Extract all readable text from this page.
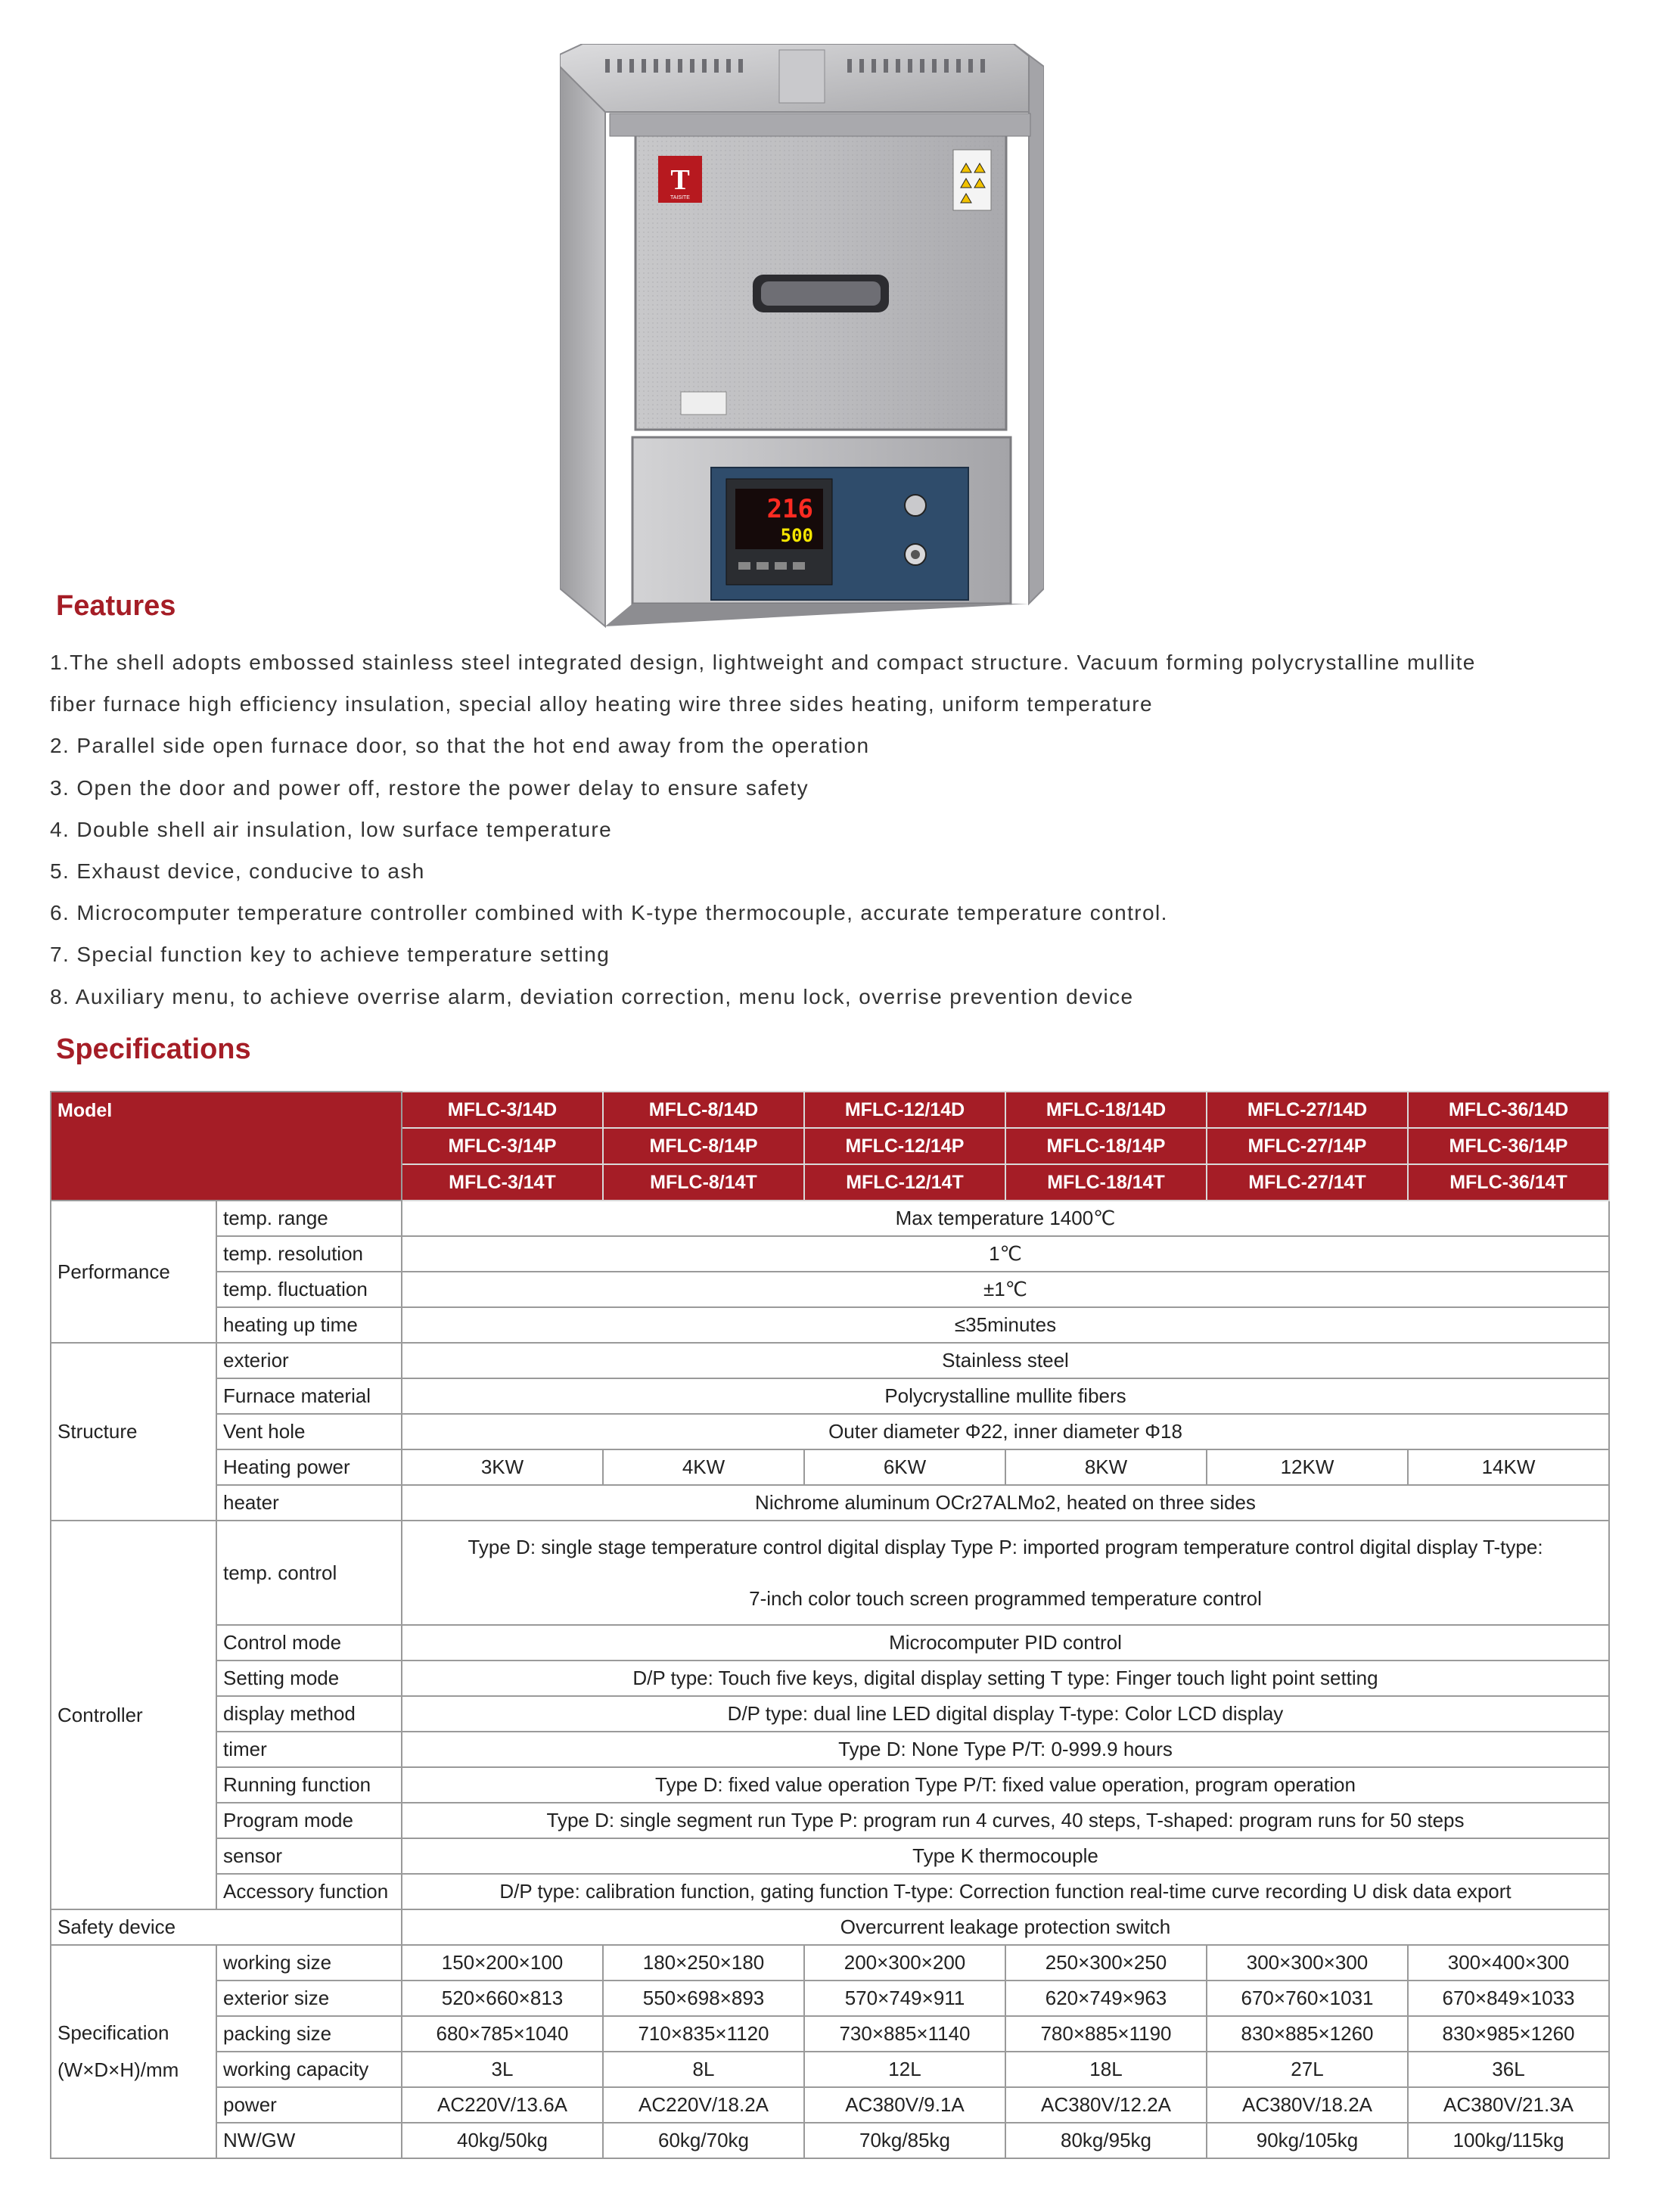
T
TAISITE
216
500
Features
1.The shell adopts embossed stainless steel integrated design, lightweight and compact structure. Vacuum forming polycrystalline mullite
fiber furnace high efficiency insulation, special alloy heating wire three sides heating, uniform temperature
2. Parallel side open furnace door, so that the hot end away from the operation
3. Open the door and power off, restore the power delay to ensure safety
4. Double shell air insulation, low surface temperature
5. Exhaust device, conducive to ash
6. Microcomputer temperature controller combined with K-type thermocouple, accurate temperature control.
7. Special function key to achieve temperature setting
8. Auxiliary menu, to achieve overrise alarm, deviation correction, menu lock, overrise prevention device
Specifications
Model		MFLC-3/14D	MFLC-8/14D	MFLC-12/14D	MFLC-18/14D	MFLC-27/14D	MFLC-36/14D
		MFLC-3/14P	MFLC-8/14P	MFLC-12/14P	MFLC-18/14P	MFLC-27/14P	MFLC-36/14P
		MFLC-3/14T	MFLC-8/14T	MFLC-12/14T	MFLC-18/14T	MFLC-27/14T	MFLC-36/14T
Performance	temp. range	Max temperature 1400℃					
	temp. resolution	1℃					
	temp. fluctuation	±1℃					
	heating up time	≤35minutes					
Structure	exterior	Stainless steel					
	Furnace material	Polycrystalline mullite fibers					
	Vent hole	Outer diameter Φ22, inner diameter Φ18					
	Heating power	3KW	4KW	6KW	8KW	12KW	14KW
	heater	Nichrome aluminum OCr27ALMo2, heated on three sides					
Controller	temp. control	Type D: single stage temperature control digital display Type P: imported program temperature control digital display T-type:
7-inch color touch screen programmed temperature control					

	Control mode	Microcomputer PID control					
	Setting mode	D/P type: Touch five keys, digital display setting T type: Finger touch light point setting					
	display method	D/P type: dual line LED digital display T-type: Color LCD display					
	timer	Type D: None Type P/T: 0-999.9 hours					
	Running function	Type D: fixed value operation Type P/T: fixed value operation, program operation					
	Program mode	Type D: single segment run Type P: program run 4 curves, 40 steps, T-shaped: program runs for 50 steps					
	sensor	Type K thermocouple					
	Accessory function	D/P type: calibration function, gating function T-type: Correction function real-time curve recording U disk data export					
Safety device		Overcurrent leakage protection switch					
Specification
(W×D×H)/mm	working size	150×200×100	180×250×180	200×300×200	250×300×250	300×300×300	300×400×300
	exterior size	520×660×813	550×698×893	570×749×911	620×749×963	670×760×1031	670×849×1033
	packing size	680×785×1040	710×835×1120	730×885×1140	780×885×1190	830×885×1260	830×985×1260
	working capacity	3L	8L	12L	18L	27L	36L
	power	AC220V/13.6A	AC220V/18.2A	AC380V/9.1A	AC380V/12.2A	AC380V/18.2A	AC380V/21.3A
	NW/GW	40kg/50kg	60kg/70kg	70kg/85kg	80kg/95kg	90kg/105kg	100kg/115kg
